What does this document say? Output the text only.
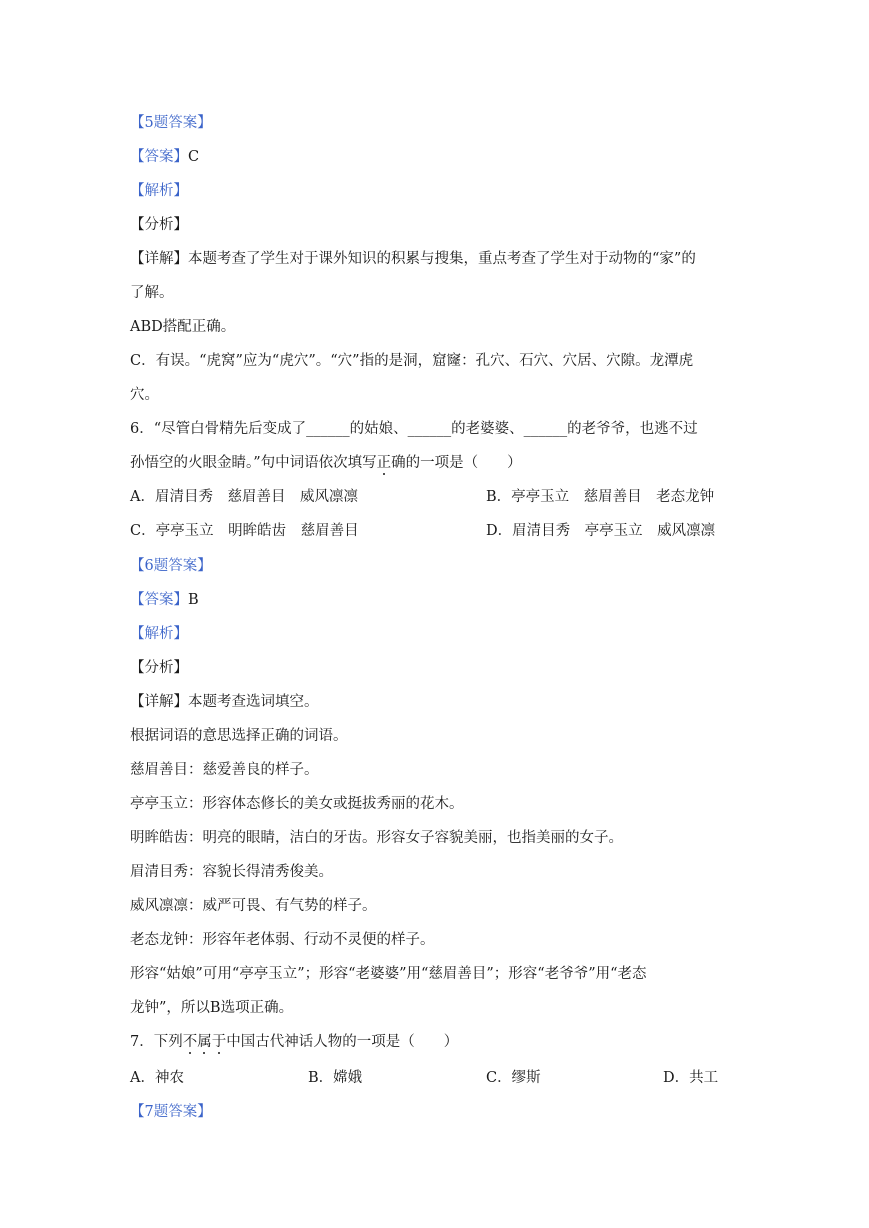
【5题答案】
【答案】C
【解析】
【分析】
【详解】本题考查了学生对于课外知识的积累与搜集，重点考查了学生对于动物的“家”的
了解。
ABD搭配正确。
C．有误。“虎窝”应为“虎穴”。“穴”指的是洞，窟窿：孔穴、石穴、穴居、穴隙。龙潭虎
穴。
6．“尽管白骨精先后变成了______的姑娘、______的老婆婆、______的老爷爷，也逃不过
孙悟空的火眼金睛。”句中词语依次填写正确的一项是（　　）
A．眉清目秀　慈眉善目　威风凛凛	B．亭亭玉立　慈眉善目　老态龙钟
C．亭亭玉立　明眸皓齿　慈眉善目	D．眉清目秀　亭亭玉立　威风凛凛
【6题答案】
【答案】B
【解析】
【分析】
【详解】本题考查选词填空。
根据词语的意思选择正确的词语。
慈眉善目：慈爱善良的样子。
亭亭玉立：形容体态修长的美女或挺拔秀丽的花木。
明眸皓齿：明亮的眼睛，洁白的牙齿。形容女子容貌美丽，也指美丽的女子。
眉清目秀：容貌长得清秀俊美。
威风凛凛：威严可畏、有气势的样子。
老态龙钟：形容年老体弱、行动不灵便的样子。
形容“姑娘”可用“亭亭玉立”；形容“老婆婆”用“慈眉善目”；形容“老爷爷”用“老态
龙钟”，所以B选项正确。
7．下列不属于中国古代神话人物的一项是（　　）
A．神农	B．嫦娥	C．缪斯	D．共工
【7题答案】
